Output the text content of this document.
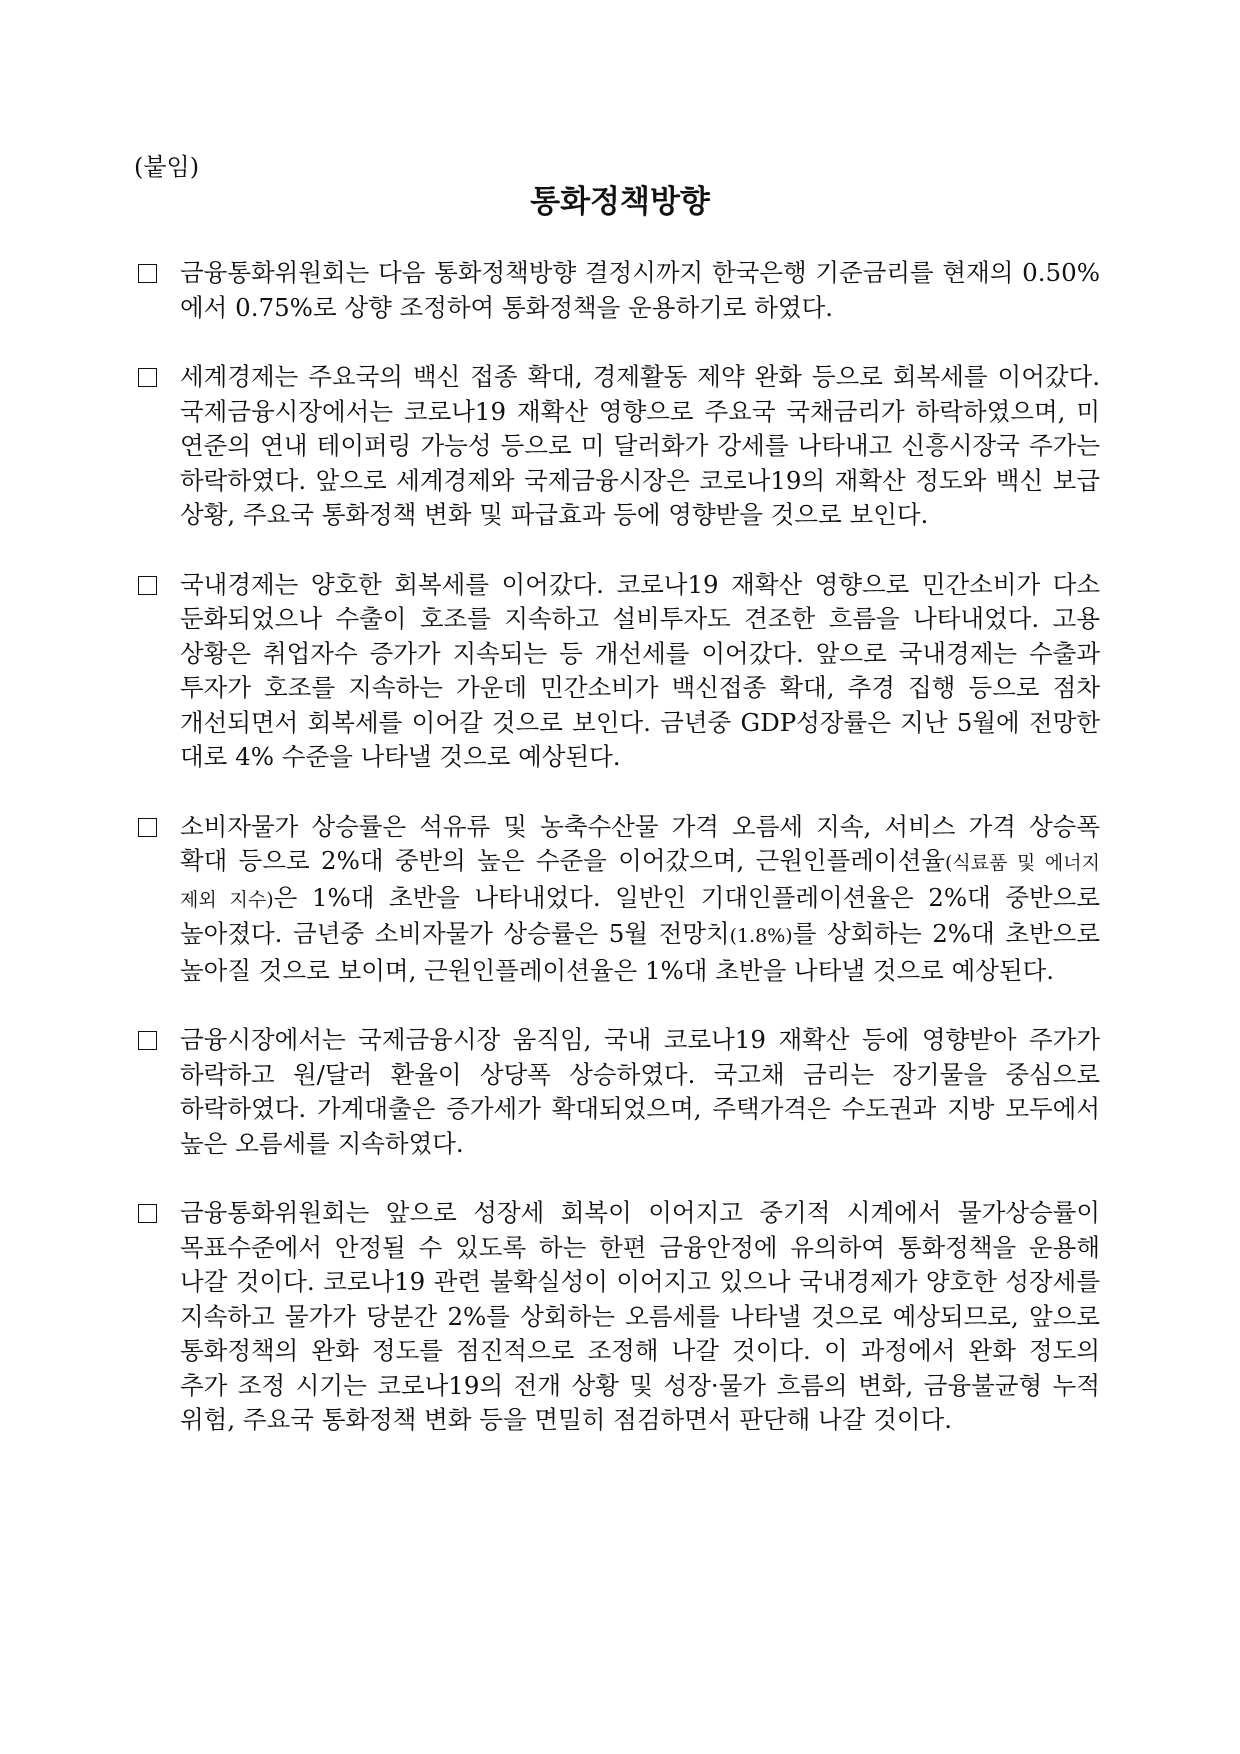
(붙임)
통화정책방향
금융통화위원회는 다음 통화정책방향 결정시까지 한국은행 기준금리를 현재의 0.50%에서 0.75%로 상향 조정하여 통화정책을 운용하기로 하였다.
세계경제는 주요국의 백신 접종 확대, 경제활동 제약 완화 등으로 회복세를 이어갔다. 국제금융시장에서는 코로나19 재확산 영향으로 주요국 국채금리가 하락하였으며, 미 연준의 연내 테이퍼링 가능성 등으로 미 달러화가 강세를 나타내고 신흥시장국 주가는 하락하였다. 앞으로 세계경제와 국제금융시장은 코로나19의 재확산 정도와 백신 보급 상황, 주요국 통화정책 변화 및 파급효과 등에 영향받을 것으로 보인다.
국내경제는 양호한 회복세를 이어갔다. 코로나19 재확산 영향으로 민간소비가 다소 둔화되었으나 수출이 호조를 지속하고 설비투자도 견조한 흐름을 나타내었다. 고용 상황은 취업자수 증가가 지속되는 등 개선세를 이어갔다. 앞으로 국내경제는 수출과 투자가 호조를 지속하는 가운데 민간소비가 백신접종 확대, 추경 집행 등으로 점차 개선되면서 회복세를 이어갈 것으로 보인다. 금년중 GDP성장률은 지난 5월에 전망한 대로 4% 수준을 나타낼 것으로 예상된다.
소비자물가 상승률은 석유류 및 농축수산물 가격 오름세 지속, 서비스 가격 상승폭 확대 등으로 2%대 중반의 높은 수준을 이어갔으며, 근원인플레이션율(식료품 및 에너지 제외 지수)은 1%대 초반을 나타내었다. 일반인 기대인플레이션율은 2%대 중반으로 높아졌다. 금년중 소비자물가 상승률은 5월 전망치(1.8%)를 상회하는 2%대 초반으로 높아질 것으로 보이며, 근원인플레이션율은 1%대 초반을 나타낼 것으로 예상된다.
금융시장에서는 국제금융시장 움직임, 국내 코로나19 재확산 등에 영향받아 주가가 하락하고 원/달러 환율이 상당폭 상승하였다. 국고채 금리는 장기물을 중심으로 하락하였다. 가계대출은 증가세가 확대되었으며, 주택가격은 수도권과 지방 모두에서 높은 오름세를 지속하였다.
금융통화위원회는 앞으로 성장세 회복이 이어지고 중기적 시계에서 물가상승률이 목표수준에서 안정될 수 있도록 하는 한편 금융안정에 유의하여 통화정책을 운용해 나갈 것이다. 코로나19 관련 불확실성이 이어지고 있으나 국내경제가 양호한 성장세를 지속하고 물가가 당분간 2%를 상회하는 오름세를 나타낼 것으로 예상되므로, 앞으로 통화정책의 완화 정도를 점진적으로 조정해 나갈 것이다. 이 과정에서 완화 정도의 추가 조정 시기는 코로나19의 전개 상황 및 성장·물가 흐름의 변화, 금융불균형 누적 위험, 주요국 통화정책 변화 등을 면밀히 점검하면서 판단해 나갈 것이다.
